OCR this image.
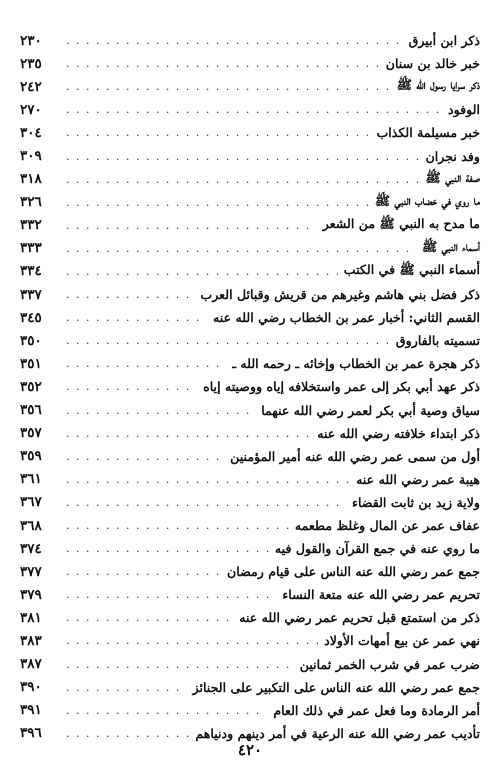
ذكر ابن أبيرق
. . .
٢٣٠
خبر خالد بن سنان
. . .
٢٣٥
ذكر سرايا رسول الله ﷺ
. . .
٢٤٢
الوفود
. . .
٢٧٠
خبر مسيلمة الكذاب
. . .
٣٠٤
وفد نجران
. . .
٣٠٩
صفة النبي ﷺ
. . .
٣١٨
ما روي في خضاب النبي ﷺ
. . .
٣٢٦
ما مدح به النبي ﷺ من الشعر
. . .
٣٣٢
أسماء النبي ﷺ
. . .
٣٣٣
أسماء النبي ﷺ في الكتب
. . .
٣٣٤
ذكر فضل بني هاشم وغيرهم من قريش وقبائل العرب
. . .
٣٣٧
القسم الثاني: أخبار عمر بن الخطاب رضي الله عنه
. . .
٣٤٥
تسميته بالفاروق
. . .
٣٥٠
ذكر هجرة عمر بن الخطاب وإخائه ـ رحمه الله ـ
. . .
٣٥١
ذكر عهد أبي بكر إلى عمر واستخلافه إياه ووصيته إياه
. . .
٣٥٢
سياق وصية أبي بكر لعمر رضي الله عنهما
. . .
٣٥٦
ذكر ابتداء خلافته رضي الله عنه
. . .
٣٥٧
أول من سمى عمر رضي الله عنه أمير المؤمنين
. . .
٣٥٩
هيبة عمر رضي الله عنه
. . .
٣٦١
ولاية زيد بن ثابت القضاء
. . .
٣٦٧
عفاف عمر عن المال وغلظ مطعمه
. . .
٣٦٨
ما روي عنه في جمع القرآن والقول فيه
. . .
٣٧٤
جمع عمر رضي الله عنه الناس على قيام رمضان
. . .
٣٧٧
تحريم عمر رضي الله عنه متعة النساء
. . .
٣٧٩
ذكر من استمتع قبل تحريم عمر رضي الله عنه
. . .
٣٨١
نهي عمر عن بيع أمهات الأولاد
. . .
٣٨٣
ضرب عمر في شرب الخمر ثمانين
. . .
٣٨٧
جمع عمر رضي الله عنه الناس على التكبير على الجنائز
. . .
٣٩٠
أمر الرمادة وما فعل عمر في ذلك العام
. . .
٣٩١
تأديب عمر رضي الله عنه الرعية في أمر دينهم ودنياهم
. . .
٣٩٦
٤٢٠
